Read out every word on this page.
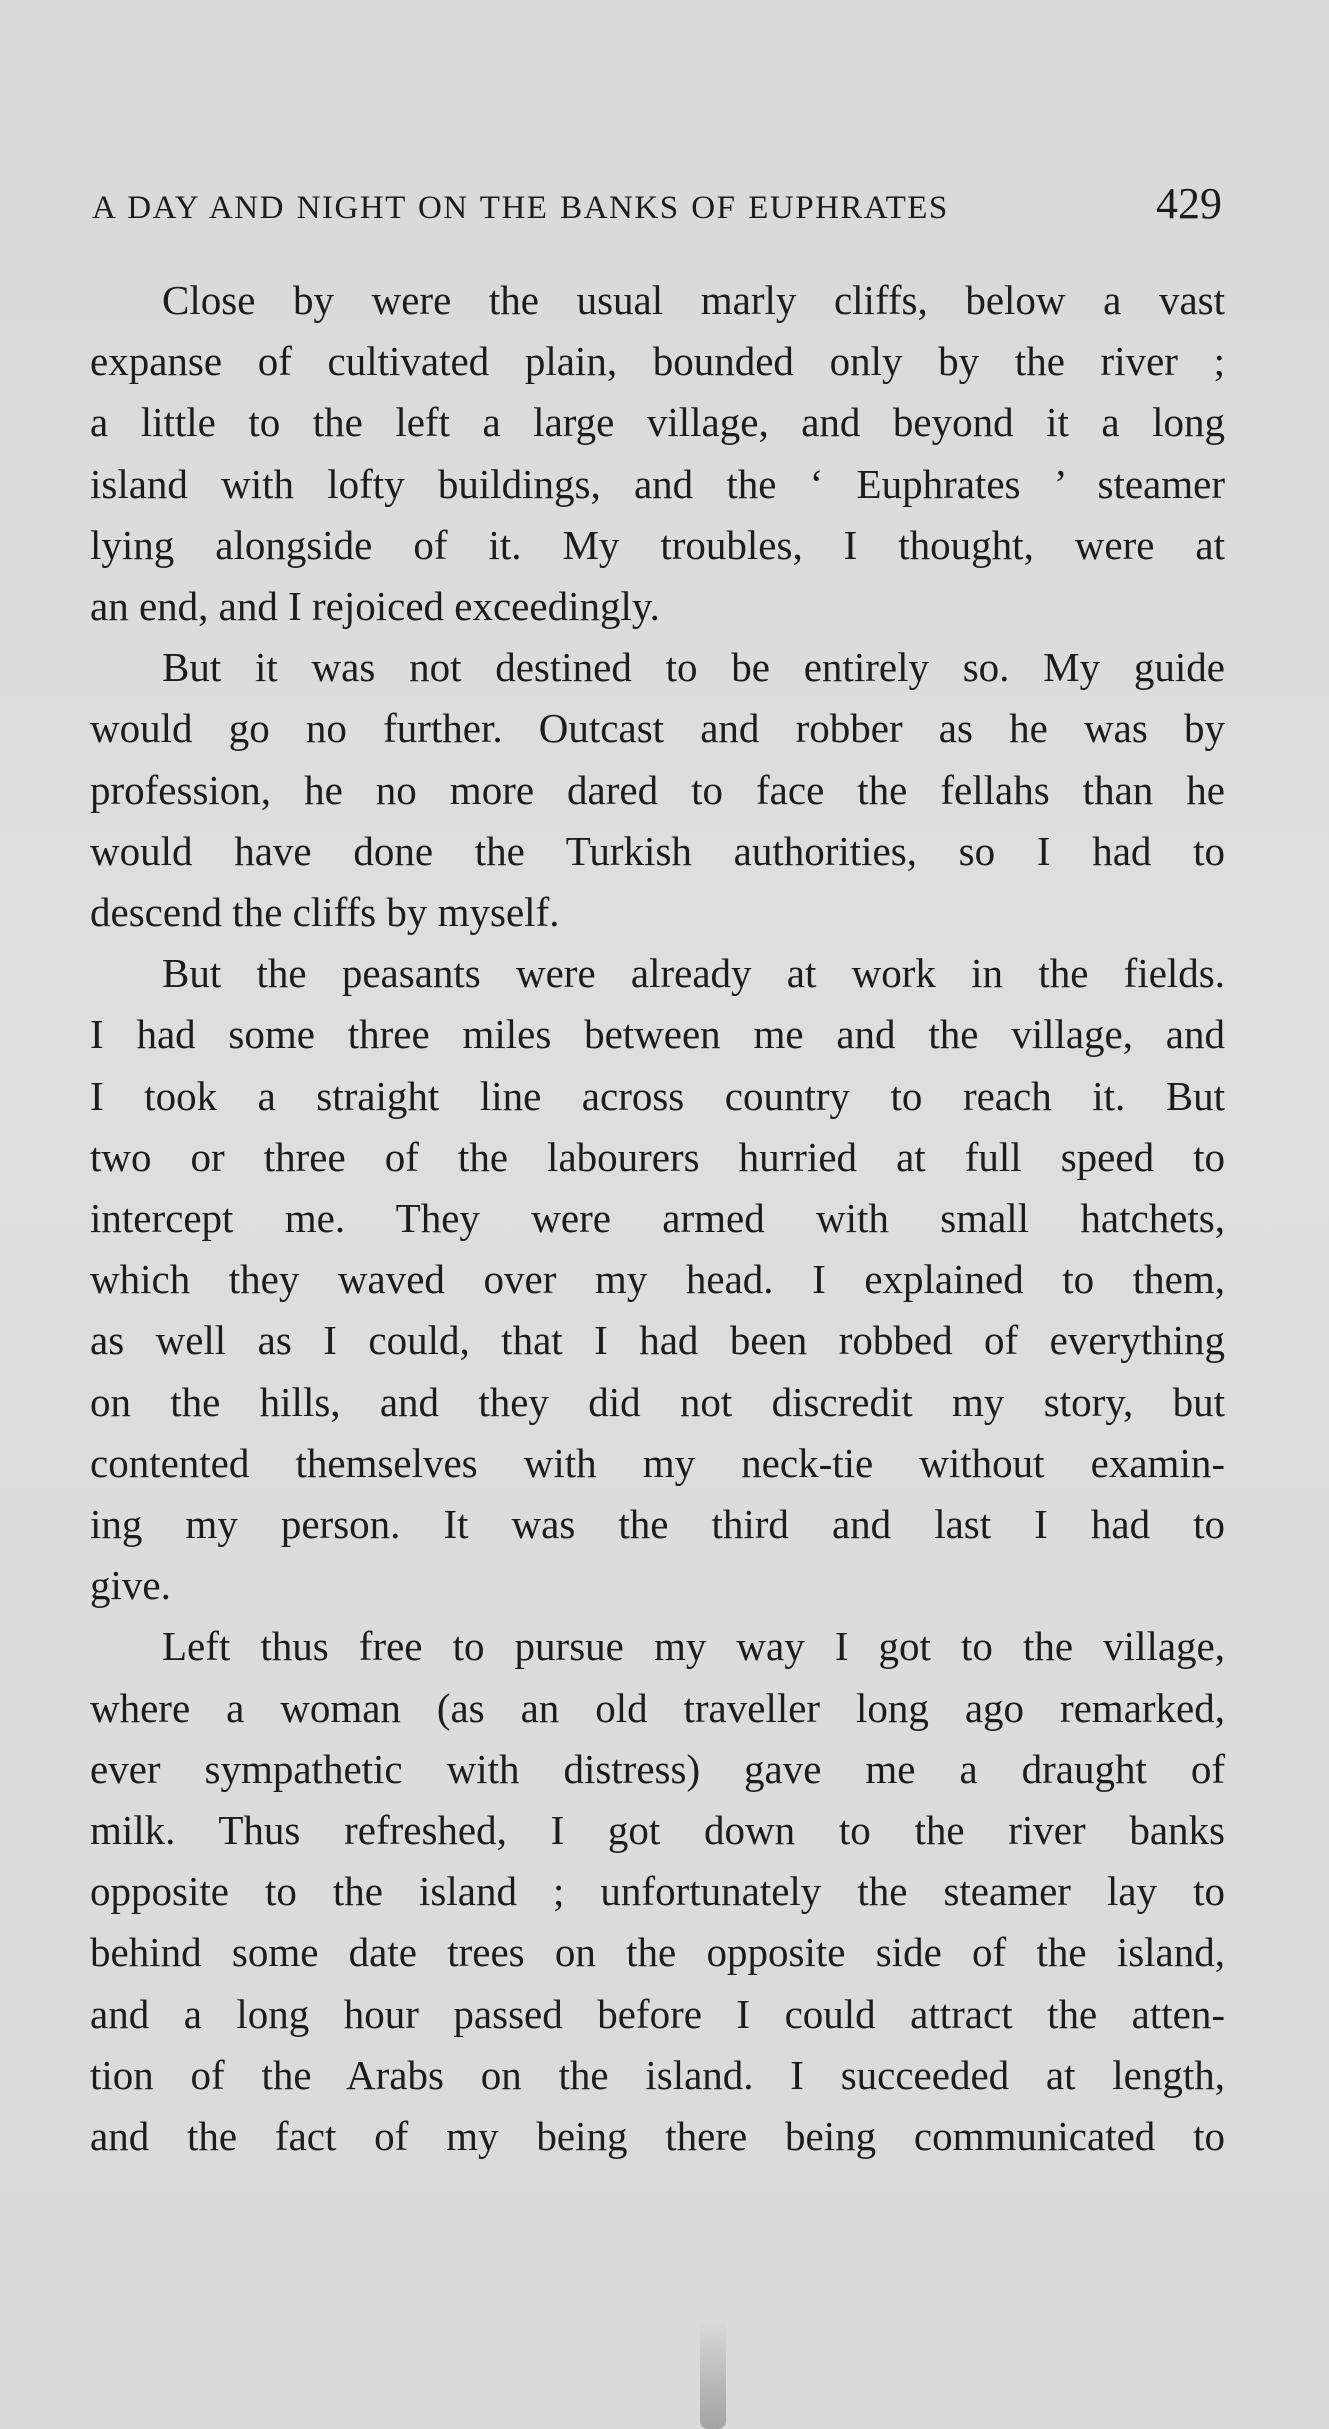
A DAY AND NIGHT ON THE BANKS OF EUPHRATES	429
Close by were the usual marly cliffs, below a vast
expanse of cultivated plain, bounded only by the river ;
a little to the left a large village, and beyond it a long
island with lofty buildings, and the ‘ Euphrates ’ steamer
lying alongside of it. My troubles, I thought, were at
an end, and I rejoiced exceedingly.
But it was not destined to be entirely so. My guide
would go no further. Outcast and robber as he was by
profession, he no more dared to face the fellahs than he
would have done the Turkish authorities, so I had to
descend the cliffs by myself.
But the peasants were already at work in the fields.
I had some three miles between me and the village, and
I took a straight line across country to reach it. But
two or three of the labourers hurried at full speed to
intercept me. They were armed with small hatchets,
which they waved over my head. I explained to them,
as well as I could, that I had been robbed of everything
on the hills, and they did not discredit my story, but
contented themselves with my neck-tie without examin-
ing my person. It was the third and last I had to
give.
Left thus free to pursue my way I got to the village,
where a woman (as an old traveller long ago remarked,
ever sympathetic with distress) gave me a draught of
milk. Thus refreshed, I got down to the river banks
opposite to the island ; unfortunately the steamer lay to
behind some date trees on the opposite side of the island,
and a long hour passed before I could attract the atten-
tion of the Arabs on the island. I succeeded at length,
and the fact of my being there being communicated to
